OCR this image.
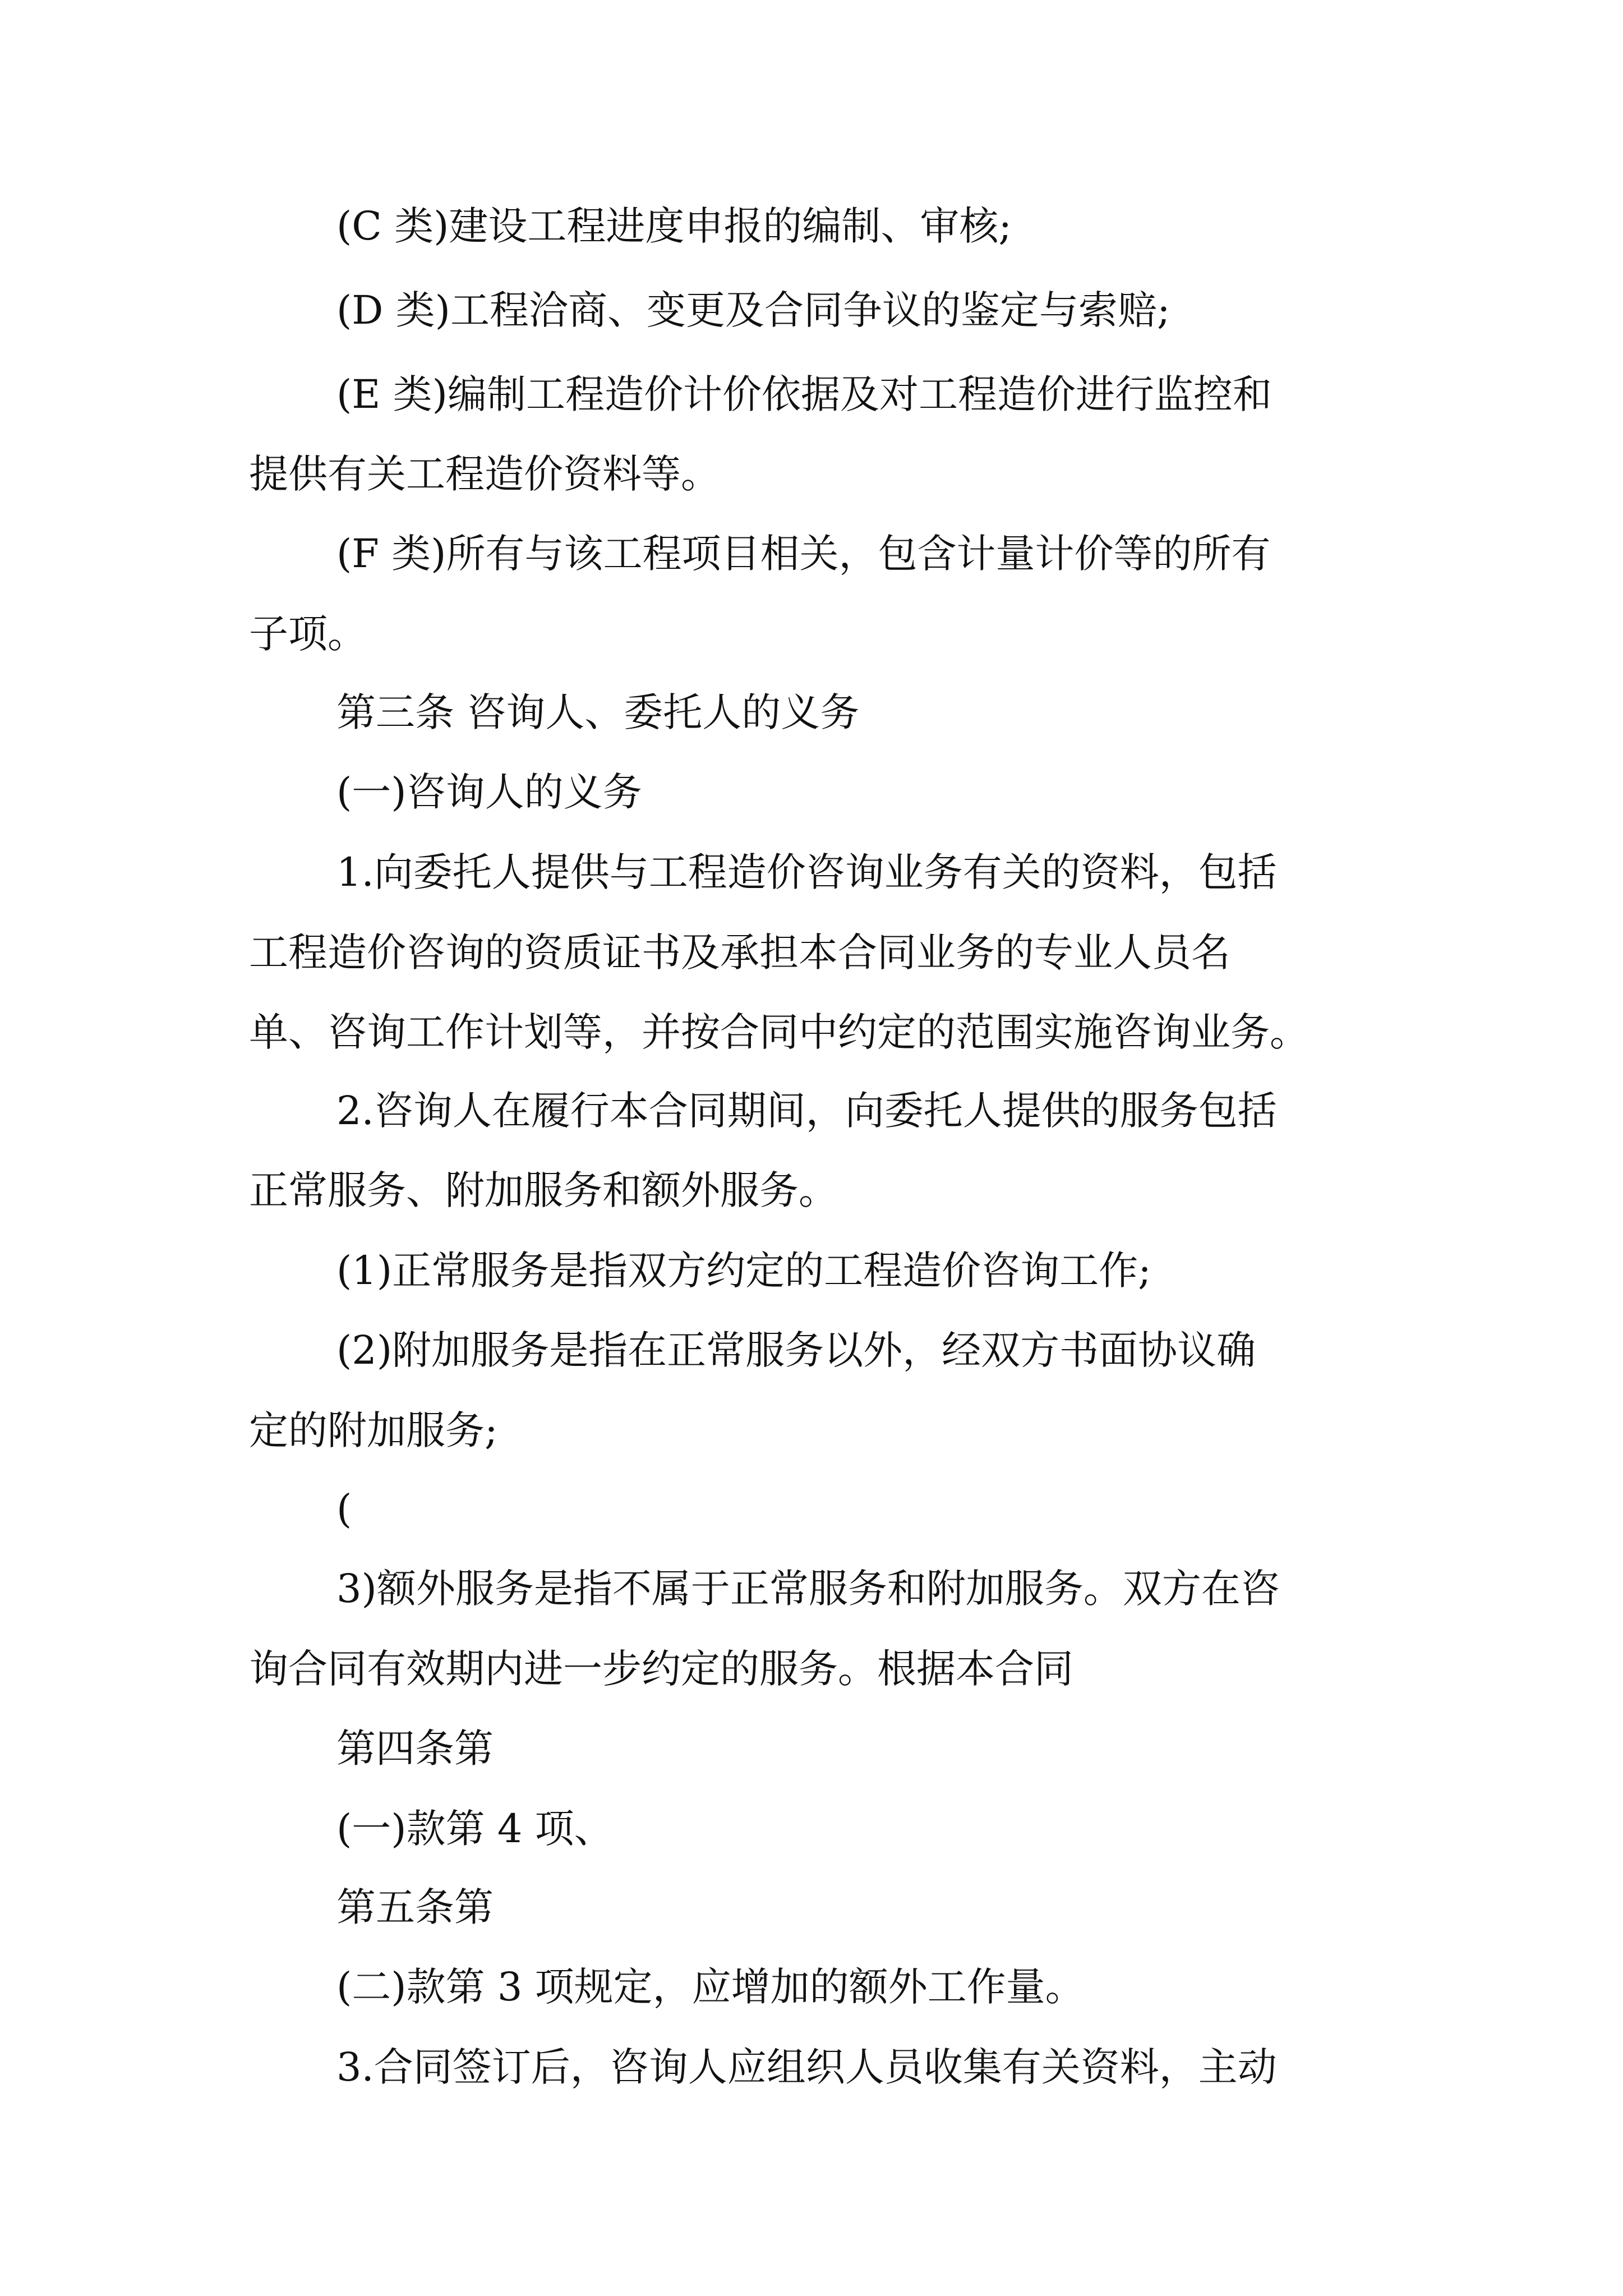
(C 类)建设工程进度申报的编制、审核;
(D 类)工程洽商、变更及合同争议的鉴定与索赔;
(E 类)编制工程造价计价依据及对工程造价进行监控和
提供有关工程造价资料等。
(F 类)所有与该工程项目相关，包含计量计价等的所有
子项。
第三条 咨询人、委托人的义务
(一)咨询人的义务
1.向委托人提供与工程造价咨询业务有关的资料，包括
工程造价咨询的资质证书及承担本合同业务的专业人员名
单、咨询工作计划等，并按合同中约定的范围实施咨询业务。
2.咨询人在履行本合同期间，向委托人提供的服务包括
正常服务、附加服务和额外服务。
(1)正常服务是指双方约定的工程造价咨询工作;
(2)附加服务是指在正常服务以外，经双方书面协议确
定的附加服务;
(
3)额外服务是指不属于正常服务和附加服务。双方在咨
询合同有效期内进一步约定的服务。根据本合同
第四条第
(一)款第 4 项、
第五条第
(二)款第 3 项规定，应增加的额外工作量。
3.合同签订后，咨询人应组织人员收集有关资料，主动
